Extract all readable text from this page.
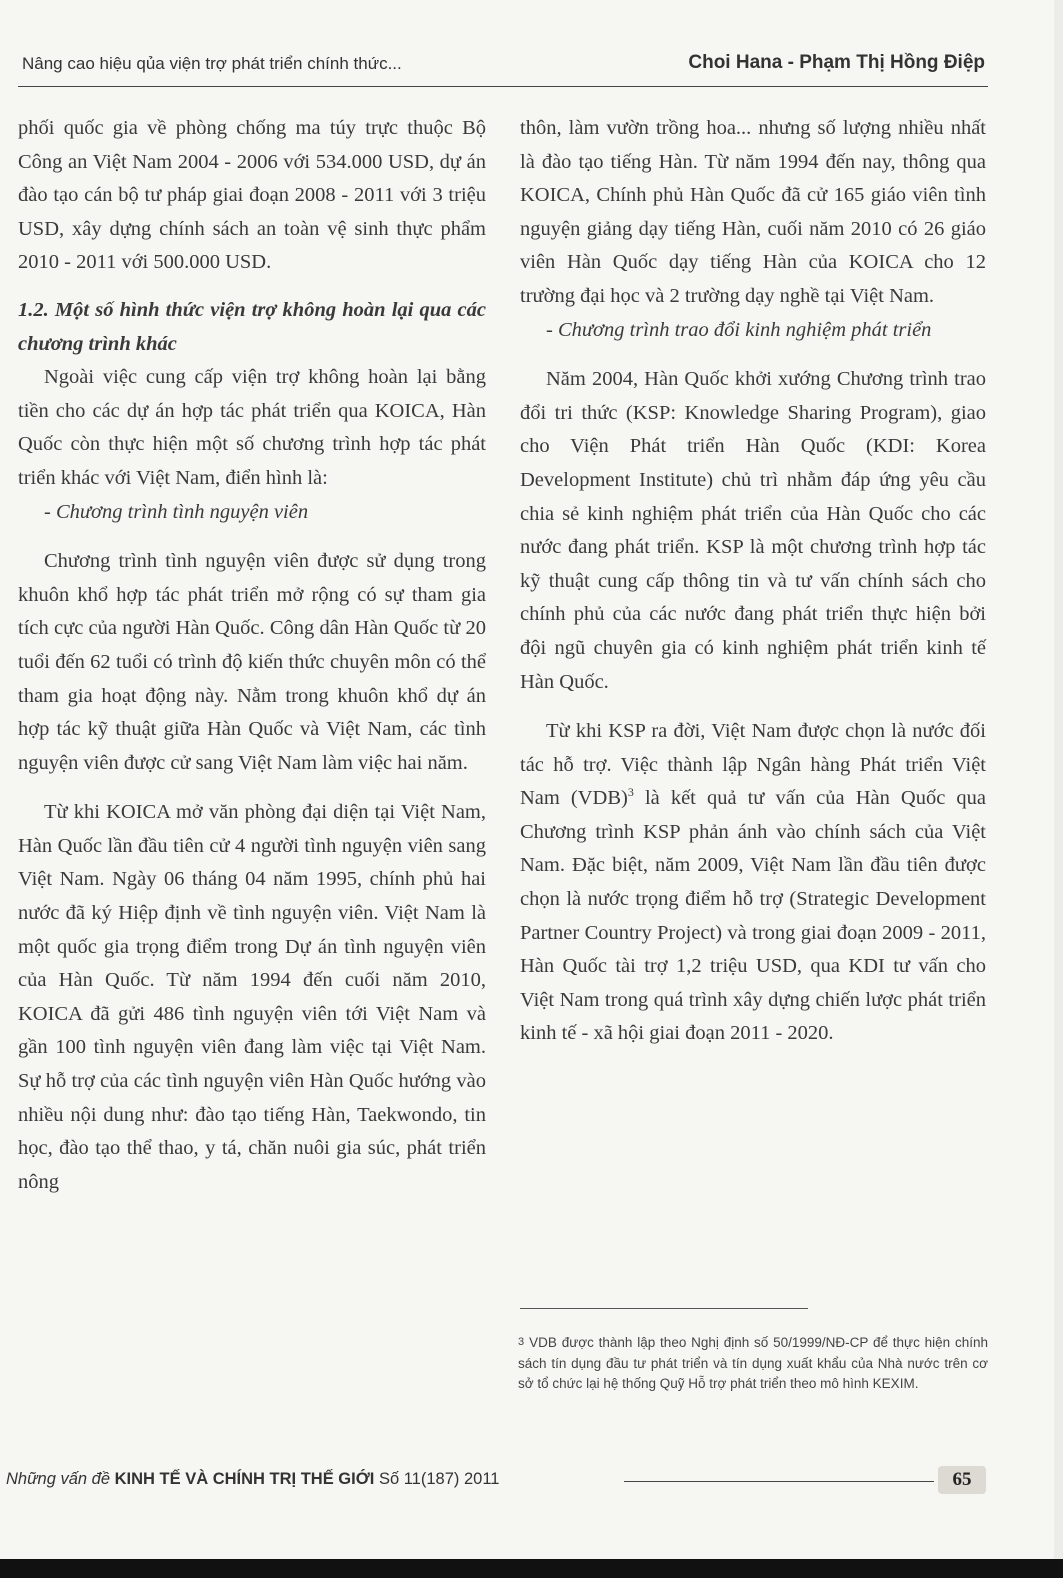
Nâng cao hiệu qủa viện trợ phát triển chính thức...	Choi Hana - Phạm Thị Hồng Điệp

phối quốc gia về phòng chống ma túy trực thuộc Bộ Công an Việt Nam 2004 - 2006 với 534.000 USD, dự án đào tạo cán bộ tư pháp giai đoạn 2008 - 2011 với 3 triệu USD, xây dựng chính sách an toàn vệ sinh thực phẩm 2010 - 2011 với 500.000 USD.

1.2. Một số hình thức viện trợ không hoàn lại qua các chương trình khác

Ngoài việc cung cấp viện trợ không hoàn lại bằng tiền cho các dự án hợp tác phát triển qua KOICA, Hàn Quốc còn thực hiện một số chương trình hợp tác phát triển khác với Việt Nam, điển hình là:

- Chương trình tình nguyện viên

Chương trình tình nguyện viên được sử dụng trong khuôn khổ hợp tác phát triển mở rộng có sự tham gia tích cực của người Hàn Quốc. Công dân Hàn Quốc từ 20 tuổi đến 62 tuổi có trình độ kiến thức chuyên môn có thể tham gia hoạt động này. Nằm trong khuôn khổ dự án hợp tác kỹ thuật giữa Hàn Quốc và Việt Nam, các tình nguyện viên được cử sang Việt Nam làm việc hai năm.

Từ khi KOICA mở văn phòng đại diện tại Việt Nam, Hàn Quốc lần đầu tiên cử 4 người tình nguyện viên sang Việt Nam. Ngày 06 tháng 04 năm 1995, chính phủ hai nước đã ký Hiệp định về tình nguyện viên. Việt Nam là một quốc gia trọng điểm trong Dự án tình nguyện viên của Hàn Quốc. Từ năm 1994 đến cuối năm 2010, KOICA đã gửi 486 tình nguyện viên tới Việt Nam và gần 100 tình nguyện viên đang làm việc tại Việt Nam. Sự hỗ trợ của các tình nguyện viên Hàn Quốc hướng vào nhiều nội dung như: đào tạo tiếng Hàn, Taekwondo, tin học, đào tạo thể thao, y tá, chăn nuôi gia súc, phát triển nông

thôn, làm vườn trồng hoa... nhưng số lượng nhiều nhất là đào tạo tiếng Hàn. Từ năm 1994 đến nay, thông qua KOICA, Chính phủ Hàn Quốc đã cử 165 giáo viên tình nguyện giảng dạy tiếng Hàn, cuối năm 2010 có 26 giáo viên Hàn Quốc dạy tiếng Hàn của KOICA cho 12 trường đại học và 2 trường dạy nghề tại Việt Nam.

- Chương trình trao đổi kinh nghiệm phát triển

Năm 2004, Hàn Quốc khởi xướng Chương trình trao đổi tri thức (KSP: Knowledge Sharing Program), giao cho Viện Phát triển Hàn Quốc (KDI: Korea Development Institute) chủ trì nhằm đáp ứng yêu cầu chia sẻ kinh nghiệm phát triển của Hàn Quốc cho các nước đang phát triển. KSP là một chương trình hợp tác kỹ thuật cung cấp thông tin và tư vấn chính sách cho chính phủ của các nước đang phát triển thực hiện bởi đội ngũ chuyên gia có kinh nghiệm phát triển kinh tế Hàn Quốc.

Từ khi KSP ra đời, Việt Nam được chọn là nước đối tác hỗ trợ. Việc thành lập Ngân hàng Phát triển Việt Nam (VDB)$^3$ là kết quả tư vấn của Hàn Quốc qua Chương trình KSP phản ánh vào chính sách của Việt Nam. Đặc biệt, năm 2009, Việt Nam lần đầu tiên được chọn là nước trọng điểm hỗ trợ (Strategic Development Partner Country Project) và trong giai đoạn 2009 - 2011, Hàn Quốc tài trợ 1,2 triệu USD, qua KDI tư vấn cho Việt Nam trong quá trình xây dựng chiến lược phát triển kinh tế - xã hội giai đoạn 2011 - 2020.

3 VDB được thành lập theo Nghị định số 50/1999/NĐ-CP để thực hiện chính sách tín dụng đầu tư phát triển và tín dụng xuất khẩu của Nhà nước trên cơ sở tổ chức lại hệ thống Quỹ Hỗ trợ phát triển theo mô hình KEXIM.
Những vấn đề KINH TẾ VÀ CHÍNH TRỊ THẾ GIỚI Số 11(187) 2011	65
